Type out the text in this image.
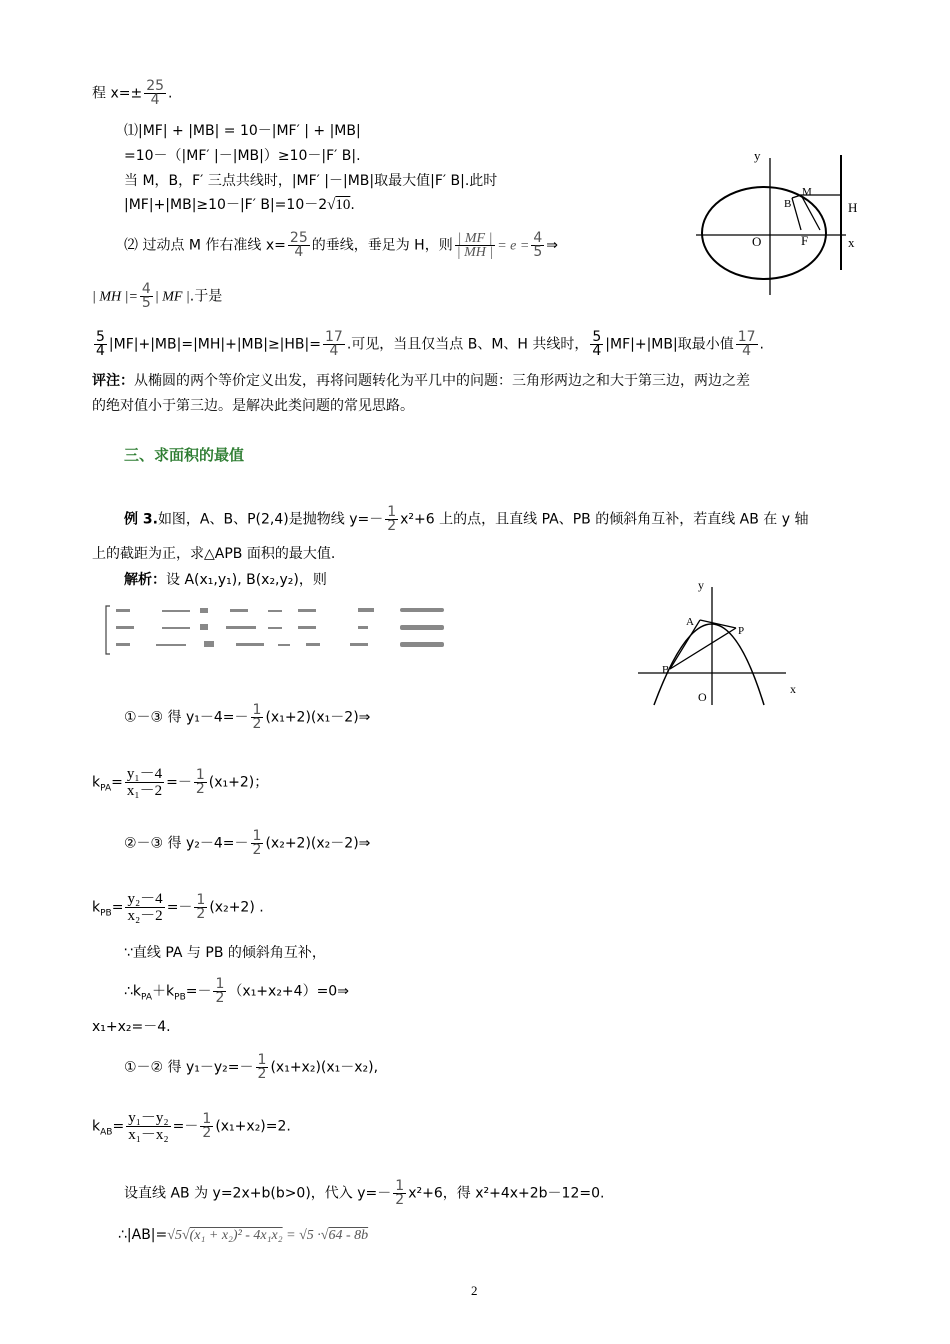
程 $x=\pm \frac{25}{4}$ .
⑴|MF| + |MB| = 10－|MF′ | + |MB|
=10－（|MF′ |－|MB|）≥10－|F′ B|.
当 M，B，F′ 三点共线时，|MF′ |－|MB|取最大值|F′ B|.此时
|MF|+|MB|≥10－|F′ B|=10－2√10.
⑵ 过动点 M 作右准线 $x= \frac{25}{4}$ 的垂线，垂足为 H，则 $\frac{| MF |}{| MH |} = e = \frac{4}{5}$ ⇒
| MH |= $\frac{4}{5}$ | MF |.于是
$\frac{5}{4} |MF|+|MB|=|MH|+|MB|\ge|HB|= \frac{17}{4}$ .可见，当且仅当点 B、M、H 共线时， $\frac{5}{4} |MF|+|MB|$取最小值 $\frac{17}{4}$ .
评注：从椭圆的两个等价定义出发，再将问题转化为平几中的问题：三角形两边之和大于第三边，两边之差
的绝对值小于第三边。是解决此类问题的常见思路。
y
x
O	F
B
M
H
三、求面积的最值
例 3.如图，A、B、P(2,4)是抛物线 $y=- \frac{1}{2} x^2+6$ 上的点，且直线 PA、PB 的倾斜角互补，若直线 AB 在 y 轴
上的截距为正，求△APB 面积的最大值.
解析：设 A(x₁,y₁), B(x₂,y₂)，则	y
x
O
A
B
P
①－③ 得 $y_1-4=- \frac{1}{2}$ (x₁+2)(x₁－2)⇒
$k_{PA}= \frac{\text{y₁－4}}{\text{x₁－2}} =- \frac{1}{2} (x_1+2)$；
②－③ 得 $y_2-4=- \frac{1}{2}$ (x₂+2)(x₂－2)⇒
$k_{PB}= \frac{\text{y₂－4}}{\text{x₂－2}} =- \frac{1}{2} (x_2+2)$ .
∵直线 PA 与 PB 的倾斜角互补，
$\therefore k_{PA}+k_{PB}=- \frac{1}{2}$ （x₁+x₂+4）=0⇒
x₁+x₂=－4.
①－② 得 $y_1-y_2=- \frac{1}{2} (x_1+x_2)(x_1-x_2)$,
$k_{AB}= \frac{\text{y₁－y₂}}{\text{x₁－x₂}} =- \frac{1}{2} (x_1+x_2)=2$.
设直线 AB 为 y=2x+b(b>0)，代入 $y=- \frac{1}{2} x^2+6$，得 x²+4x+2b－12=0.
∴|AB|=√5√(x₁ + x₂)² - 4x₁x₂ = √5 ·√64 - 8b
2
